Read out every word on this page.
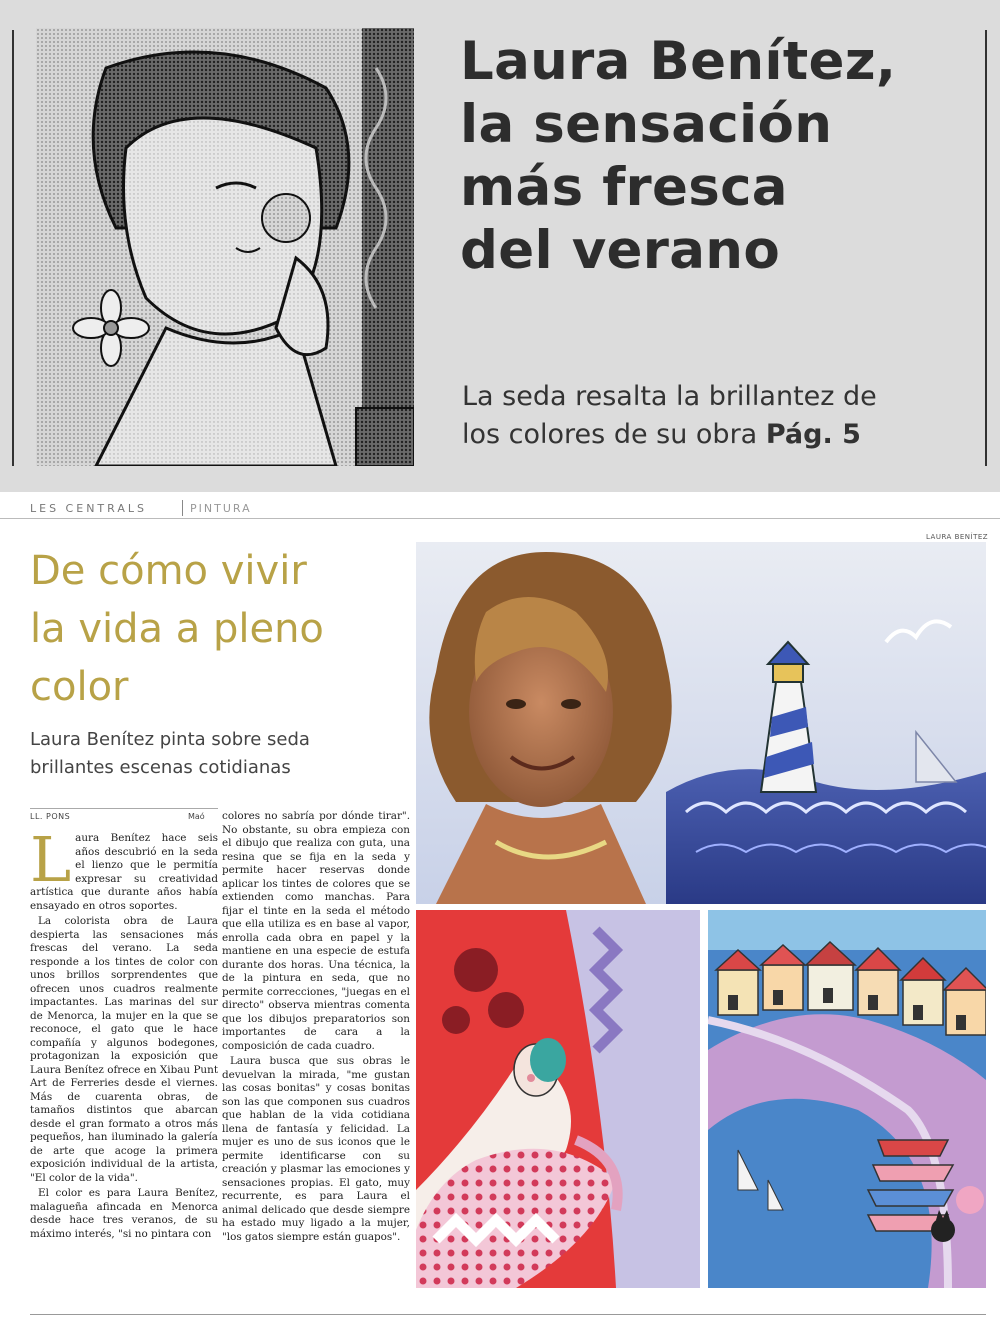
Laura Benítez,
la sensación
más fresca
del verano
La seda resalta la brillantez de
los colores de su obra Pág. 5
LES CENTRALS	PINTURA
LAURA BENÍTEZ
De cómo vivir
la vida a pleno
color
Laura Benítez pinta sobre seda
brillantes escenas cotidianas
LL. PONS	Maó

Laura Benítez hace seis años descubrió en la seda el lienzo que le permitía expresar su creatividad artística que durante años había ensayado en otros soportes.

La colorista obra de Laura despierta las sensaciones más frescas del verano. La seda responde a los tintes de color con unos brillos sorprendentes que ofrecen unos cuadros realmente impactantes. Las marinas del sur de Menorca, la mujer en la que se reconoce, el gato que le hace compañía y algunos bodegones, protagonizan la exposición que Laura Benítez ofrece en Xibau Punt Art de Ferreries desde el viernes. Más de cuarenta obras, de tamaños distintos que abarcan desde el gran formato a otros más pequeños, han iluminado la galería de arte que acoge la primera exposición individual de la artista, "El color de la vida".

El color es para Laura Benítez, malagueña afincada en Menorca desde hace tres veranos, de su máximo interés, "si no pintara con

colores no sabría por dónde tirar". No obstante, su obra empieza con el dibujo que realiza con guta, una resina que se fija en la seda y permite hacer reservas donde aplicar los tintes de colores que se extienden como manchas. Para fijar el tinte en la seda el método que ella utiliza es en base al vapor, enrolla cada obra en papel y la mantiene en una especie de estufa durante dos horas. Una técnica, la de la pintura en seda, que no permite correcciones, "juegas en el directo" observa mientras comenta que los dibujos preparatorios son importantes de cara a la composición de cada cuadro.

Laura busca que sus obras le devuelvan la mirada, "me gustan las cosas bonitas" y cosas bonitas son las que componen sus cuadros que hablan de la vida cotidiana llena de fantasía y felicidad. La mujer es uno de sus iconos que le permite identificarse con su creación y plasmar las emociones y sensaciones propias. El gato, muy recurrente, es para Laura el animal delicado que desde siempre ha estado muy ligado a la mujer, "los gatos siempre están guapos".
